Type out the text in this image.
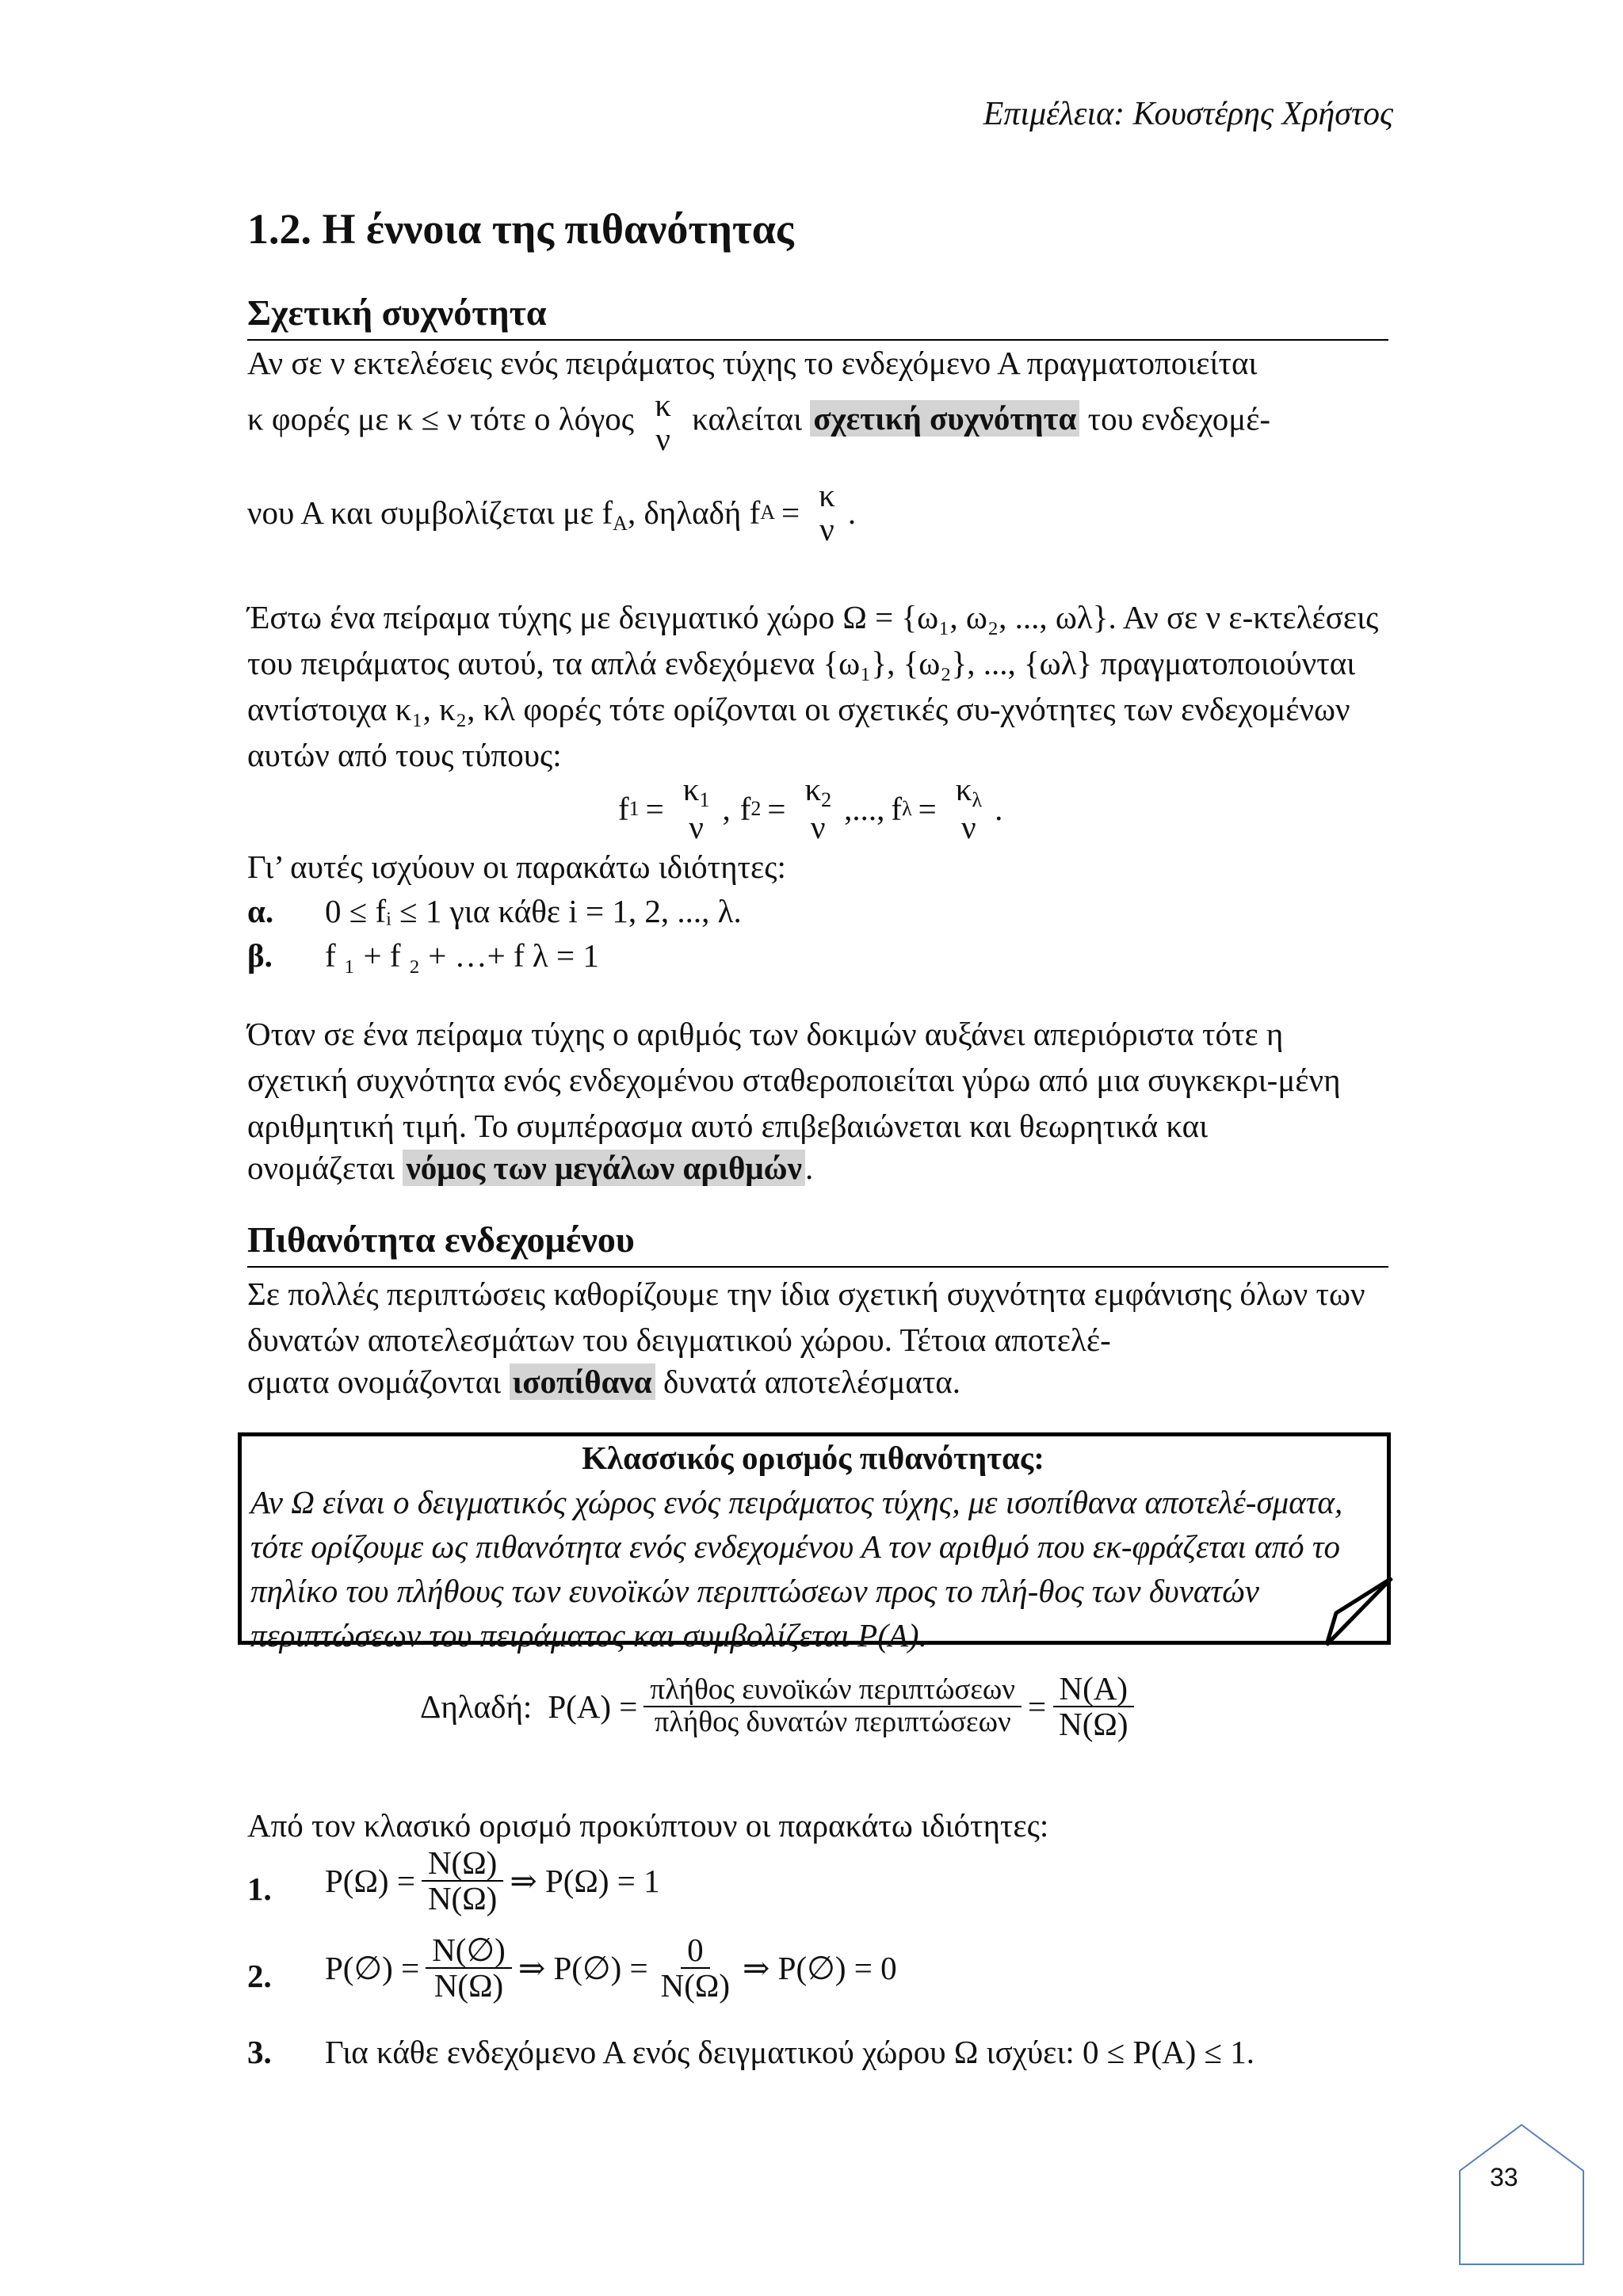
Επιμέλεια: Κουστέρης Χρήστος
1.2. Η έννοια της πιθανότητας
Σχετική συχνότητα
Αν σε ν εκτελέσεις ενός πειράματος τύχης το ενδεχόμενο Α πραγματοποιείται
κ φορές με κ ≤ ν τότε ο λόγος κ
ν
καλείται σχετική συχνότητα του ενδεχομέ-
νου Α και συμβολίζεται με $f_A$, δηλαδή f Α = κ
ν .
Έστω ένα πείραμα τύχης με δειγματικό χώρο Ω = {ω₁, ω₂, ..., ωλ}. Αν σε ν ε-κτελέσεις του πειράματος αυτού, τα απλά ενδεχόμενα {ω₁}, {ω₂}, ..., {ωλ} πραγματοποιούνται αντίστοιχα κ₁, κ₂, κλ φορές τότε ορίζονται οι σχετικές συ-χνότητες των ενδεχομένων αυτών από τους τύπους:
f 1 =
$\kappa_1$
ν
, f 2 =
$\kappa_2$
ν
,..., f λ =
$\kappa_\lambda$
ν
.
Γι’ αυτές ισχύουν οι παρακάτω ιδιότητες:
α. 0 ≤ fᵢ ≤ 1 για κάθε i = 1, 2, ..., λ.
β. f ₁ + f ₂ + …+ f λ = 1
Όταν σε ένα πείραμα τύχης ο αριθμός των δοκιμών αυξάνει απεριόριστα τότε η σχετική συχνότητα ενός ενδεχομένου σταθεροποιείται γύρω από μια συγκεκρι-μένη αριθμητική τιμή. Το συμπέρασμα αυτό επιβεβαιώνεται και θεωρητικά και
ονομάζεται νόμος των μεγάλων αριθμών.
Πιθανότητα ενδεχομένου
Σε πολλές περιπτώσεις καθορίζουμε την ίδια σχετική συχνότητα εμφάνισης όλων των δυνατών αποτελεσμάτων του δειγματικού χώρου. Τέτοια αποτελέ-
σματα ονομάζονται ισοπίθανα δυνατά αποτελέσματα.
Κλασσικός ορισμός πιθανότητας:
Αν Ω είναι ο δειγματικός χώρος ενός πειράματος τύχης, με ισοπίθανα αποτελέ-σματα, τότε ορίζουμε ως πιθανότητα ενός ενδεχομένου Α τον αριθμό που εκ-φράζεται από το πηλίκο του πλήθους των ευνοϊκών περιπτώσεων προς το πλή-θος των δυνατών περιπτώσεων του πειράματος και συμβολίζεται P(A).
Δηλαδή: $P(A) = \frac{\text{πλήθος ευνοϊκών περιπτώσεων}}{\text{πλήθος δυνατών περιπτώσεων}} = \frac{N(A)}{N(\Omega)}$
Από τον κλασικό ορισμό προκύπτουν οι παρακάτω ιδιότητες:
1. $P(\Omega) = \frac{N(\Omega)}{N(\Omega)}$ ⇒ P(Ω) = 1
2. P(∅) = $\frac{N(\emptyset)}{N(\Omega)}$ ⇒ P(∅) = $\frac{0}{N(\Omega)}$ ⇒ P(∅) = 0
3. Για κάθε ενδεχόμενο Α ενός δειγματικού χώρου Ω ισχύει: 0 ≤ P(A) ≤ 1.
33
